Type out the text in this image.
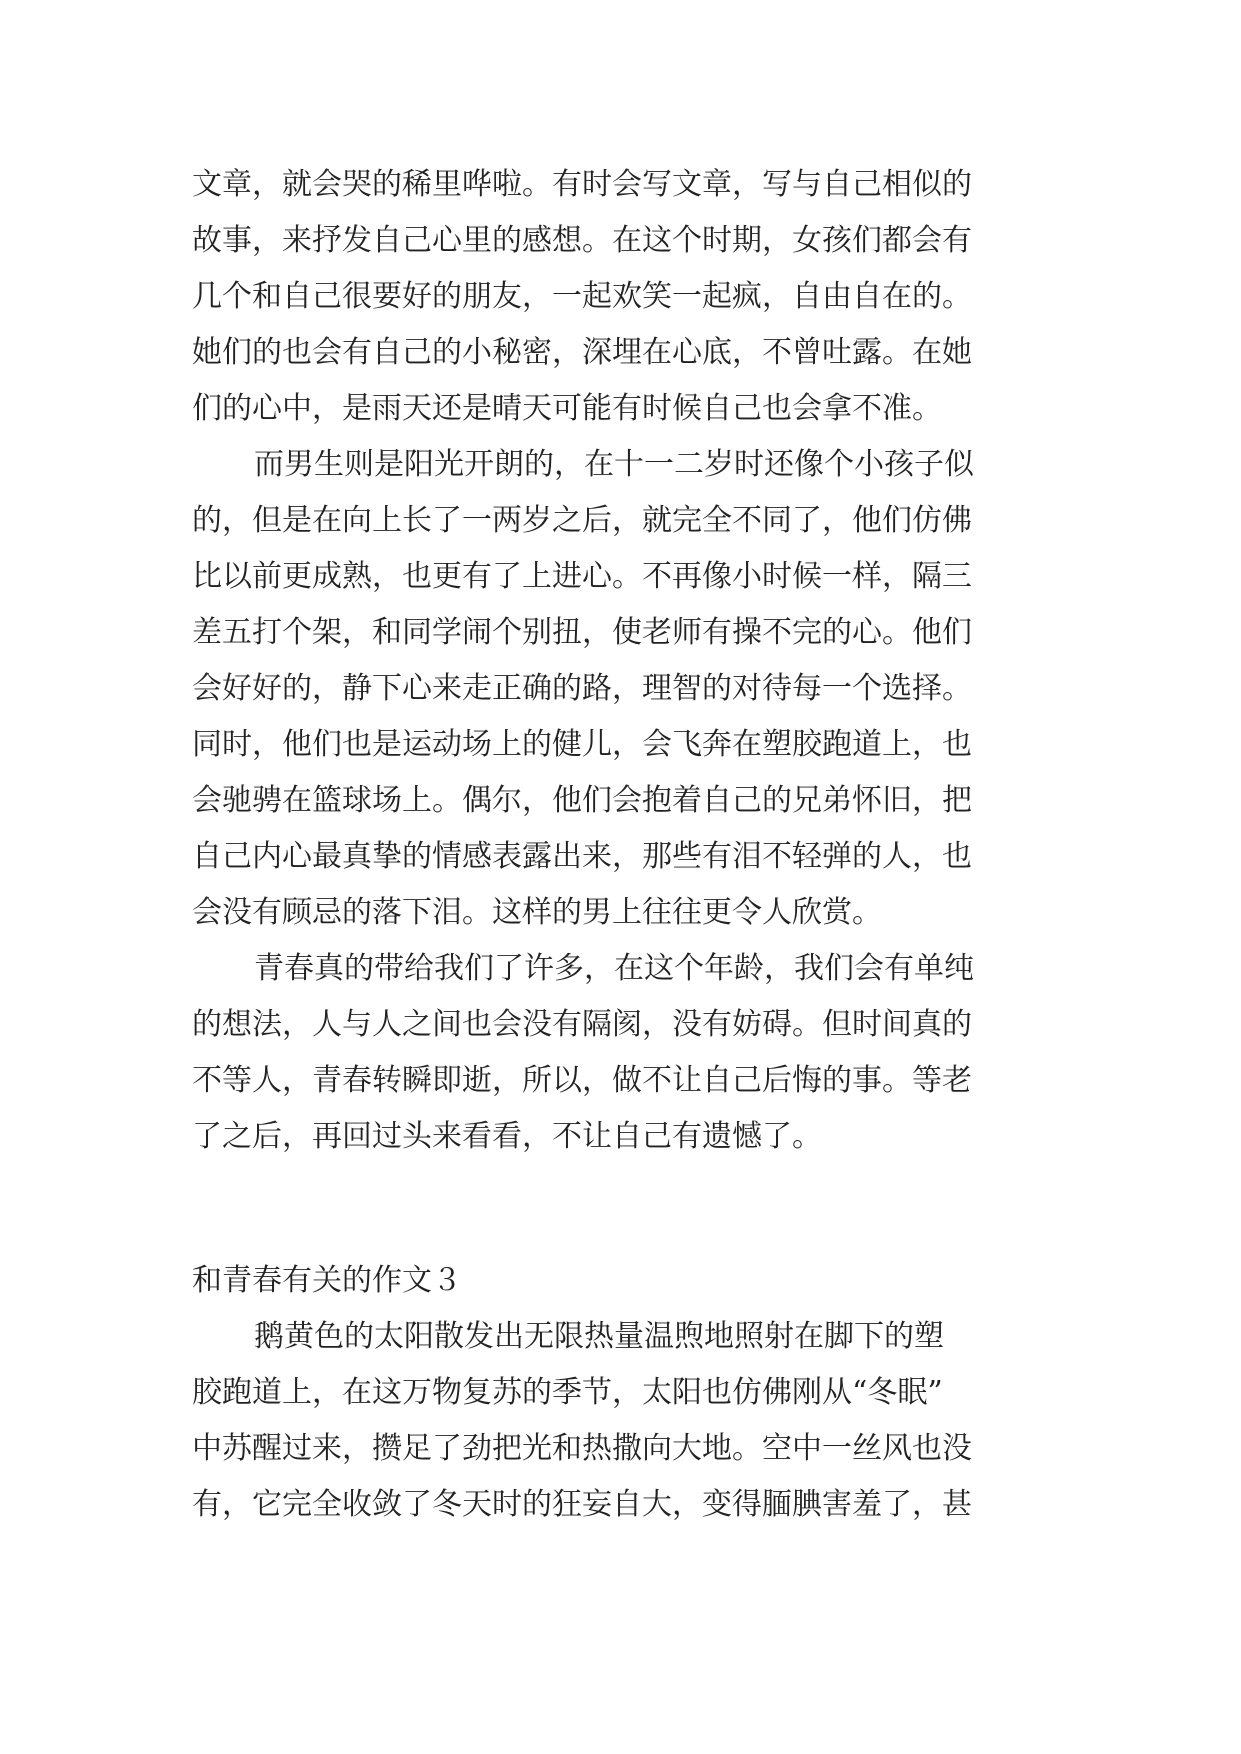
文章，就会哭的稀里哗啦。有时会写文章，写与自己相似的

故事，来抒发自己心里的感想。在这个时期，女孩们都会有

几个和自己很要好的朋友，一起欢笑一起疯，自由自在的。

她们的也会有自己的小秘密，深埋在心底，不曾吐露。在她

们的心中，是雨天还是晴天可能有时候自己也会拿不准。

而男生则是阳光开朗的，在十一二岁时还像个小孩子似

的，但是在向上长了一两岁之后，就完全不同了，他们仿佛

比以前更成熟，也更有了上进心。不再像小时候一样，隔三

差五打个架，和同学闹个别扭，使老师有操不完的心。他们

会好好的，静下心来走正确的路，理智的对待每一个选择。

同时，他们也是运动场上的健儿，会飞奔在塑胶跑道上，也

会驰骋在篮球场上。偶尔，他们会抱着自己的兄弟怀旧，把

自己内心最真挚的情感表露出来，那些有泪不轻弹的人，也

会没有顾忌的落下泪。这样的男上往往更令人欣赏。

青春真的带给我们了许多，在这个年龄，我们会有单纯

的想法，人与人之间也会没有隔阂，没有妨碍。但时间真的

不等人，青春转瞬即逝，所以，做不让自己后悔的事。等老

了之后，再回过头来看看，不让自己有遗憾了。

和青春有关的作文３

鹅黄色的太阳散发出无限热量温煦地照射在脚下的塑

胶跑道上，在这万物复苏的季节，太阳也仿佛刚从“冬眠”

中苏醒过来，攒足了劲把光和热撒向大地。空中一丝风也没

有，它完全收敛了冬天时的狂妄自大，变得腼腆害羞了，甚
